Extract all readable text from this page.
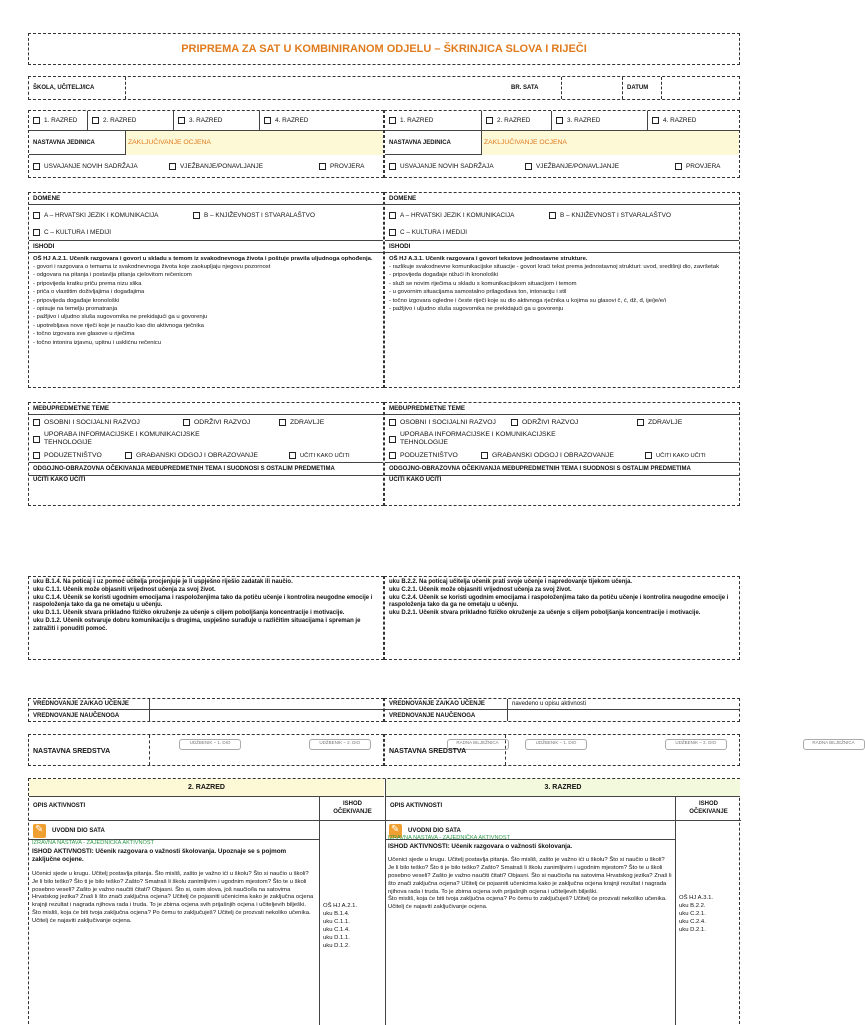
PRIPREMA ZA SAT U KOMBINIRANOM ODJELU – ŠKRINJICA SLOVA I RIJEČI
ŠKOLA, UČITELJ/ICA	BR. SATA	DATUM
1. RAZRED	2. RAZRED	3. RAZRED	4. RAZRED
NASTAVNA JEDINICA	ZAKLJUČIVANJE OCJENA
USVAJANJE NOVIH SADRŽAJA	VJEŽBANJE/PONAVLJANJE	PROVJERA
1. RAZRED	2. RAZRED	3. RAZRED	4. RAZRED
NASTAVNA JEDINICA	ZAKLJUČIVANJE OCJENA
USVAJANJE NOVIH SADRŽAJA	VJEŽBANJE/PONAVLJANJE	PROVJERA
DOMENE
A – HRVATSKI JEZIK I KOMUNIKACIJA	B – KNJIŽEVNOST I STVARALAŠTVO
C – KULTURA I MEDIJI
ISHODI
OŠ HJ A.2.1. Učenik razgovara i govori u skladu s temom iz svakodnevnoga života i poštuje pravila uljudnoga ophođenja.
- govori i razgovara o temama iz svakodnevnoga života koje zaokupljaju njegovu pozornost
- odgovara na pitanja i postavlja pitanja cjelovitom rečenicom
- pripovijeda kratku priču prema nizu slika
- priča o vlastitim doživljajima i događajima
- pripovijeda događaje kronološki
- opisuje na temelju promatranja
- pažljivo i uljudno sluša sugovornika ne prekidajući ga u govorenju
- upotrebljava nove riječi koje je naučio kao dio aktivnoga rječnika
- točno izgovara sve glasove u riječima
- točno intonira izjavnu, upitnu i usklićnu rečenicu
DOMENE
A – HRVATSKI JEZIK I KOMUNIKACIJA	B – KNJIŽEVNOST I STVARALAŠTVO
C – KULTURA I MEDIJI
ISHODI
OŠ HJ A.3.1. Učenik razgovara i govori tekstove jednostavne strukture.
- razlikuje svakodnevne komunikacijske situacije - govori kraći tekst prema jednostavnoj strukturi: uvod, središnji dio, završetak
- pripovijeda događaje nižući ih kronološki
- služi se novim riječima u skladu s komunikacijskom situacijom i temom
- u govornim situacijama samostalno prilagođava ton, intonaciju i stil
- točno izgovara ogledne i česte riječi koje su dio aktivnoga rječnika u kojima su glasovi č, ć, dž, đ, ije/je/e/i
- pažljivo i uljudno sluša sugovornika ne prekidajući ga u govorenju
MEĐUPREDMETNE TEME
OSOBNI I SOCIJALNI RAZVOJ	ODRŽIVI RAZVOJ	ZDRAVLJE
UPORABA INFORMACIJSKE I KOMUNIKACIJSKE TEHNOLOGIJE
PODUZETNIŠTVO	GRAĐANSKI ODGOJ I OBRAZOVANJE	UČITI KAKO UČITI
ODGOJNO-OBRAZOVNA OČEKIVANJA MEĐUPREDMETNIH TEMA I SUODNOSI S OSTALIM PREDMETIMA
UČITI KAKO UČITI
MEĐUPREDMETNE TEME
OSOBNI I SOCIJALNI RAZVOJ	ODRŽIVI RAZVOJ	ZDRAVLJE
UPORABA INFORMACIJSKE I KOMUNIKACIJSKE TEHNOLOGIJE
PODUZETNIŠTVO	GRAĐANSKI ODGOJ I OBRAZOVANJE	UČITI KAKO UČITI
ODGOJNO-OBRAZOVNA OČEKIVANJA MEĐUPREDMETNIH TEMA I SUODNOSI S OSTALIM PREDMETIMA
UČITI KAKO UČITI
uku B.1.4. Na poticaj i uz pomoć učitelja procjenjuje je li uspješno riješio zadatak ili naučio.
uku C.1.1. Učenik može objasniti vrijednost učenja za svoj život.
uku C.1.4. Učenik se koristi ugodnim emocijama i raspoloženjima tako da potiču učenje i kontrolira neugodne emocije i raspoloženja tako da ga ne ometaju u učenju.
uku D.1.1. Učenik stvara prikladno fizičko okruženje za učenje s ciljem poboljšanja koncentracije i motivacije.
uku D.1.2. Učenik ostvaruje dobru komunikaciju s drugima, uspješno surađuje u različitim situacijama i spreman je zatražiti i ponuditi pomoć.
uku B.2.2. Na poticaj učitelja učenik prati svoje učenje i napredovanje tijekom učenja.
uku C.2.1. Učenik može objasniti vrijednost učenja za svoj život.
uku C.2.4. Učenik se koristi ugodnim emocijama i raspoloženjima tako da potiču učenje i kontrolira neugodne emocije i raspoloženja tako da ga ne ometaju u učenju.
uku D.2.1. Učenik stvara prikladno fizičko okruženje za učenje s ciljem poboljšanja koncentracije i motivacije.
VREDNOVANJE ZA/KAO UČENJE
VREDNOVANJE NAUČENOGA
VREDNOVANJE ZA/KAO UČENJE	navedeno u opisu aktivnosti
VREDNOVANJE NAUČENOGA
NASTAVNA SREDSTVA
UDŽBENIK – 1. DIO	UDŽBENIK – 2. DIO	RADNA BILJEŽNICA
NASTAVNA SREDSTVA
UDŽBENIK – 1. DIO	UDŽBENIK – 2. DIO	RADNA BILJEŽNICA
2. RAZRED	3. RAZRED
OPIS AKTIVNOSTI	ISHOD OČEKIVANJE
OPIS AKTIVNOSTI	ISHOD OČEKIVANJE
✎
UVODNI DIO SATA
✎	UVODNI DIO SATA
IZRAVNA NASTAVA - ZAJEDNIČKA AKTIVNOST
ISHOD AKTIVNOSTI: Učenik razgovara o važnosti školovanja. Upoznaje se s pojmom zaključne ocjene.
Učenici sjede u krugu. Učitelj postavlja pitanja. Što misliš, zašto je važno ići u školu? Što si naučio u školi? Je li bilo teško? Što ti je bilo teško? Zašto? Smatraš li školu zanimljivim i ugodnim mjestom? Što te u školi posebno veseli? Zašto je važno naučiti čitati? Objasni. Što si, osim slova, još naučio/la na satovima Hrvatskog jezika? Znaš li što znači zaključna ocjena? Učitelj će pojasniti učenicima kako je zaključna ocjena krajnji rezultat i nagrada njihova rada i truda. To je zbirna ocjena svih prijašnjih ocjena i učiteljevih bilješki.
Što misliš, koja će biti tvoja zaključna ocjena? Po čemu to zaključuješ? Učitelj će prozvati nekoliko učenika.
Učitelj će najaviti zaključivanje ocjena.
OŠ HJ A.2.1.
uku B.1.4.
uku C.1.1.
uku C.1.4.
uku D.1.1.
uku D.1.2.
IZRAVNA NASTAVA - ZAJEDNIČKA AKTIVNOST
ISHOD AKTIVNOSTI: Učenik razgovara o važnosti školovanja.
Učenici sjede u krugu. Učitelj postavlja pitanja. Što misliš, zašto je važno ići u školu? Što si naučio u školi? Je li bilo teško? Što ti je bilo teško? Zašto? Smatraš li školu zanimljivim i ugodnim mjestom? Što te u školi posebno veseli? Zašto je važno naučiti čitati? Objasni. Što si naučio/la na satovima Hrvatskog jezika? Znaš li što znači zaključna ocjena? Učitelj će pojasniti učenicima kako je zaključna ocjena krajnji rezultat i nagrada njihova rada i truda. To je zbirna ocjena svih prijašnjih ocjena i učiteljevih bilješki.
Što misliš, koja će biti tvoja zaključna ocjena? Po čemu to zaključuješ? Učitelj će prozvati nekoliko učenika.
Učitelj će najaviti zaključivanje ocjena.
OŠ HJ A.3.1.
uku B.2.2.
uku C.2.1.
uku C.2.4.
uku D.2.1.
